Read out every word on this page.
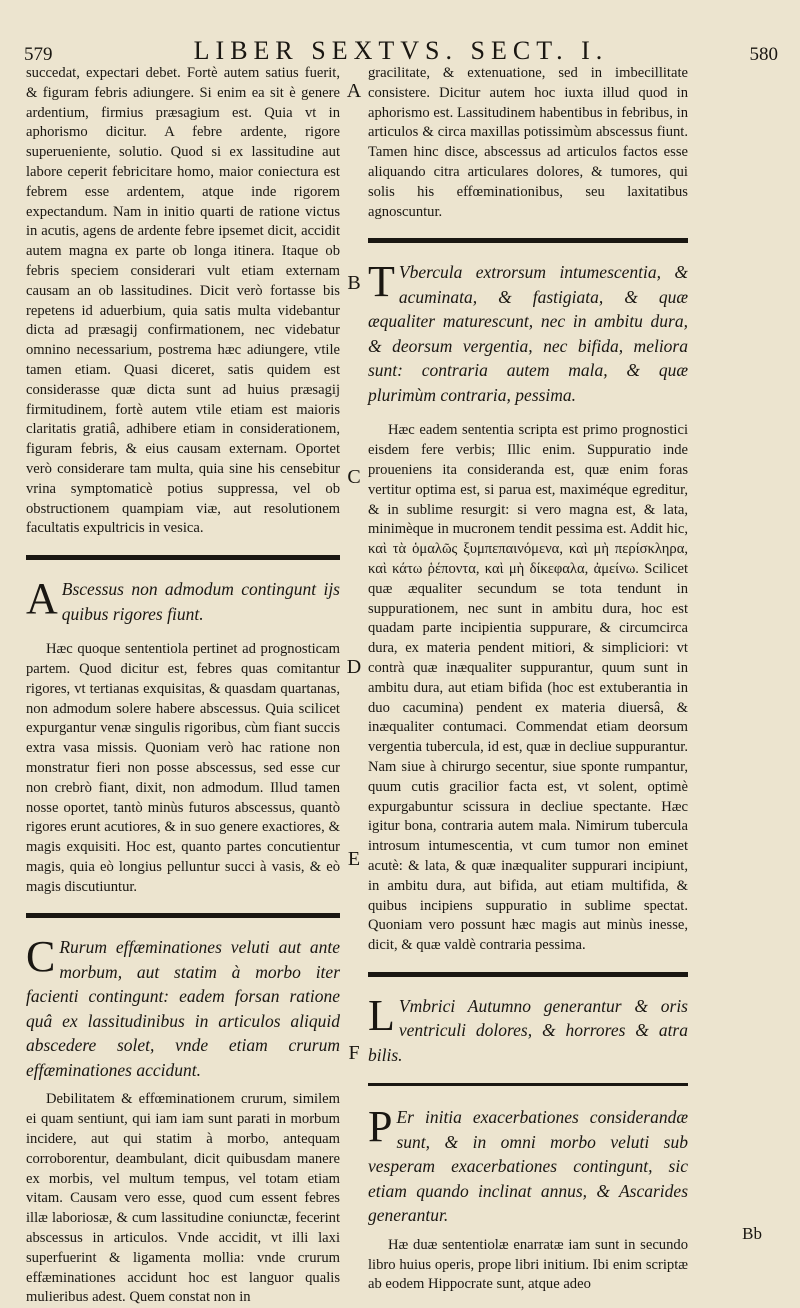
579	LIBER SEXTVS. SECT. I.	580
A
B
C
D
E
F

succedat, expectari debet. Fortè autem satius fuerit, & figuram febris adiungere. Si enim ea sit è genere ardentium, firmius præsagium est. Quia vt in aphorismo dicitur. A febre ardente, rigore superueniente, solutio. Quod si ex lassitudine aut labore ceperit febricitare homo, maior coniectura est febrem esse ardentem, atque inde rigorem expectandum. Nam in initio quarti de ratione victus in acutis, agens de ardente febre ipsemet dicit, accidit autem magna ex parte ob longa itinera. Itaque ob febris speciem considerari vult etiam externam causam an ob lassitudines. Dicit verò fortasse bis repetens id aduerbium, quia satis multa videbantur dicta ad præsagij confirmationem, nec videbatur omnino necessarium, postrema hæc adiungere, vtile tamen etiam. Quasi diceret, satis quidem est considerasse quæ dicta sunt ad huius præsagij firmitudinem, fortè autem vtile etiam est maioris claritatis gratiâ, adhibere etiam in considerationem, figuram febris, & eius causam externam. Oportet verò considerare tam multa, quia sine his censebitur vrina symptomaticè potius suppressa, vel ob obstructionem quampiam viæ, aut resolutionem facultatis expultricis in vesica.

A Bscessus non admodum contingunt ijs quibus rigores fiunt.

Hæc quoque sententiola pertinet ad prognosticam partem. Quod dicitur est, febres quas comitantur rigores, vt tertianas exquisitas, & quasdam quartanas, non admodum solere habere abscessus. Quia scilicet expurgantur venæ singulis rigoribus, cùm fiant succis extra vasa missis. Quoniam verò hac ratione non monstratur fieri non posse abscessus, sed esse cur non crebrò fiant, dixit, non admodum. Illud tamen nosse oportet, tantò minùs futuros abscessus, quantò rigores erunt acutiores, & in suo genere exactiores, & magis exquisiti. Hoc est, quanto partes concutientur magis, quia eò longius pelluntur succi à vasis, & eò magis discutiuntur.

C Rurum effæminationes veluti aut ante morbum, aut statim à morbo iter facienti contingunt: eadem forsan ratione quâ ex lassitudinibus in articulos aliquid abscedere solet, vnde etiam crurum effæminationes accidunt.

Debilitatem & effœminationem crurum, similem ei quam sentiunt, qui iam iam sunt parati in morbum incidere, aut qui statim à morbo, antequam corroborentur, deambulant, dicit quibusdam manere ex morbis, vel multum tempus, vel totam etiam vitam. Causam vero esse, quod cum essent febres illæ laboriosæ, & cum lassitudine coniunctæ, fecerint abscessus in articulos. Vnde accidit, vt illi laxi superfuerint & ligamenta mollia: vnde crurum effæminationes accidunt hoc est languor qualis mulieribus adest. Quem constat non in

gracilitate, & extenuatione, sed in imbecillitate consistere. Dicitur autem hoc iuxta illud quod in aphorismo est. Lassitudinem habentibus in febribus, in articulos & circa maxillas potissimùm abscessus fiunt. Tamen hinc disce, abscessus ad articulos factos esse aliquando citra articulares dolores, & tumores, qui solis his effœminationibus, seu laxitatibus agnoscuntur.

T Vbercula extrorsum intumescentia, & acuminata, & fastigiata, & quæ æqualiter maturescunt, nec in ambitu dura, & deorsum vergentia, nec bifida, meliora sunt: contraria autem mala, & quæ plurimùm contraria, pessima.

Hæc eadem sententia scripta est primo prognostici eisdem fere verbis; Illic enim. Suppuratio inde proueniens ita consideranda est, quæ enim foras vertitur optima est, si parua est, maximéque egreditur, & in sublime resurgit: si vero magna est, & lata, minimèque in mucronem tendit pessima est. Addit hic, καὶ τὰ ὁμαλῶς ξυμπεπαινόμενα, καὶ μὴ περίσκληρα, καὶ κάτω ῥέποντα, καὶ μὴ δίκεφαλα, ἀμείνω. Scilicet quæ æqualiter secundum se tota tendunt in suppurationem, nec sunt in ambitu dura, hoc est quadam parte incipientia suppurare, & circumcirca dura, ex materia pendent mitiori, & simpliciori: vt contrà quæ inæqualiter suppurantur, quum sunt in ambitu dura, aut etiam bifida (hoc est extuberantia in duo cacumina) pendent ex materia diuersâ, & inæqualiter contumaci. Commendat etiam deorsum vergentia tubercula, id est, quæ in decliue suppurantur. Nam siue à chirurgo secentur, siue sponte rumpantur, quum cutis gracilior facta est, vt solent, optimè expurgabuntur scissura in decliue spectante. Hæc igitur bona, contraria autem mala. Nimirum tubercula introsum intumescentia, vt cum tumor non eminet acutè: & lata, & quæ inæqualiter suppurari incipiunt, in ambitu dura, aut bifida, aut etiam multifida, & quibus incipiens suppuratio in sublime spectat. Quoniam vero possunt hæc magis aut minùs inesse, dicit, & quæ valdè contraria pessima.

L Vmbrici Autumno generantur & oris ventriculi dolores, & horrores & atra bilis.

P Er initia exacerbationes considerandæ sunt, & in omni morbo veluti sub vesperam exacerbationes contingunt, sic etiam quando inclinat annus, & Ascarides generantur.

Hæ duæ sententiolæ enarratæ iam sunt in secundo libro huius operis, prope libri initium. Ibi enim scriptæ ab eodem Hippocrate sunt, atque adeo

Bb
